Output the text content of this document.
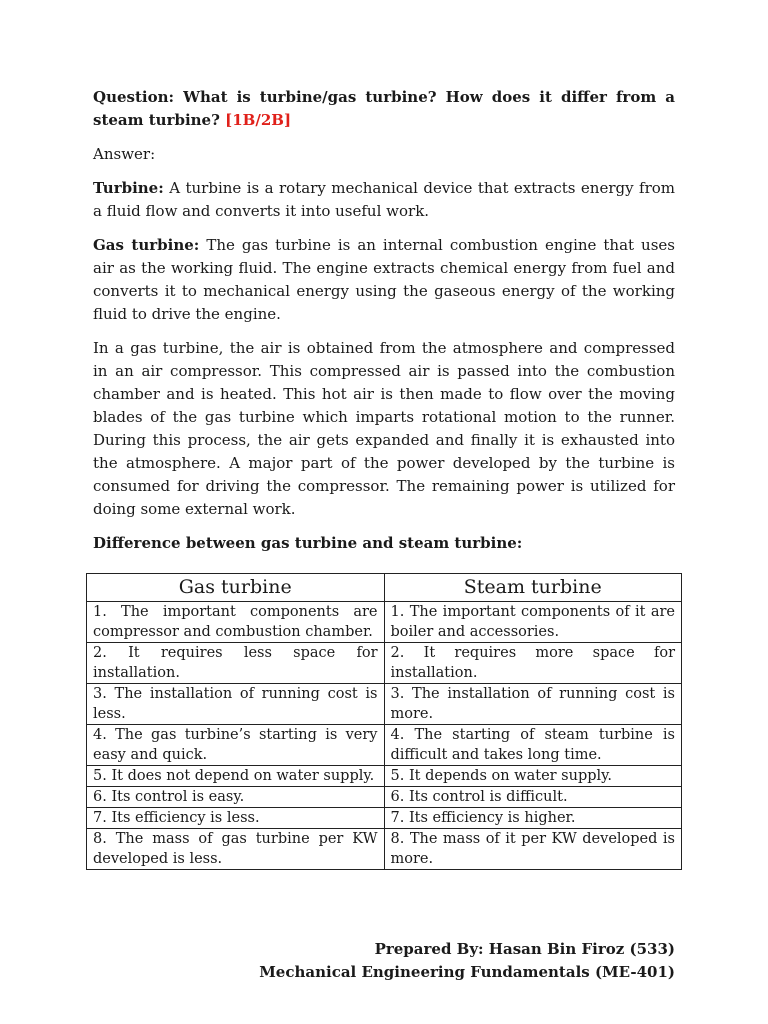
Question: What is turbine/gas turbine? How does it differ from a steam turbine? [1B/2B]

Answer:

Turbine: A turbine is a rotary mechanical device that extracts energy from a fluid flow and converts it into useful work.

Gas turbine: The gas turbine is an internal combustion engine that uses air as the working fluid. The engine extracts chemical energy from fuel and converts it to mechanical energy using the gaseous energy of the working fluid to drive the engine.

In a gas turbine, the air is obtained from the atmosphere and compressed in an air compressor. This compressed air is passed into the combustion chamber and is heated. This hot air is then made to flow over the moving blades of the gas turbine which imparts rotational motion to the runner. During this process, the air gets expanded and finally it is exhausted into the atmosphere. A major part of the power developed by the turbine is consumed for driving the compressor. The remaining power is utilized for doing some external work.

Difference between gas turbine and steam turbine:

Gas turbine	Steam turbine
1. The important components are compressor and combustion chamber.	1. The important components of it are boiler and accessories.
2. It requires less space for installation.	2. It requires more space for installation.
3. The installation of running cost is less.	3. The installation of running cost is more.
4. The gas turbine’s starting is very easy and quick.	4. The starting of steam turbine is difficult and takes long time.
5. It does not depend on water supply.	5. It depends on water supply.
6. Its control is easy.	6. Its control is difficult.
7. Its efficiency is less.	7. Its efficiency is higher.
8. The mass of gas turbine per KW developed is less.	8. The mass of it per KW developed is more.
Prepared By: Hasan Bin Firoz (533)
Mechanical Engineering Fundamentals (ME-401)
